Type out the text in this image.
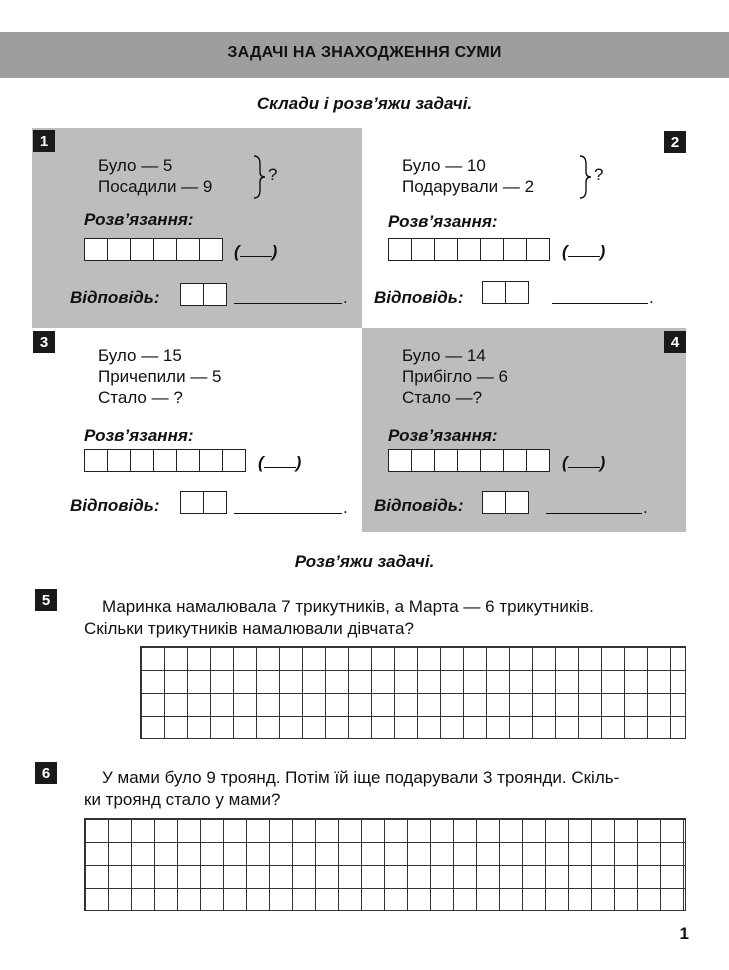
ЗАДАЧІ НА ЗНАХОДЖЕННЯ СУМИ
Склади і розв’яжи задачі.
1
Було — 5
Посадили — 9
?
Розв’язання:
( )
Відповідь:	.
2
Було — 10
Подарували — 2
?
Розв’язання:
( )
Відповідь:	.
3
Було — 15
Причепили — 5
Стало — ?
Розв’язання:
( )
Відповідь:	.
4
Було — 14
Прибігло — 6
Стало —?
Розв’язання:
( )
Відповідь:	.
Розв’яжи задачі.
5	Маринка намалювала 7 трикутників, а Марта — 6 трикутників.
Скільки трикутників намалювали дівчата?
6	У мами було 9 троянд. Потім їй іще подарували 3 троянди. Скіль-
ки троянд стало у мами?
1
